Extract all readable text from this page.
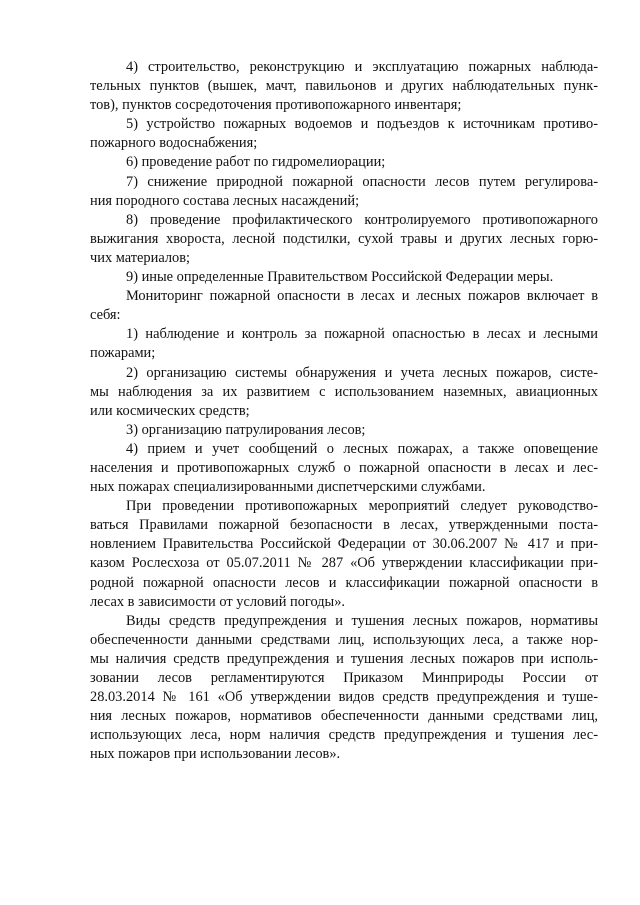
4) строительство, реконструкцию и эксплуатацию пожарных наблюда-
тельных пунктов (вышек, мачт, павильонов и других наблюдательных пунк-
тов), пунктов сосредоточения противопожарного инвентаря;
5) устройство пожарных водоемов и подъездов к источникам противо-
пожарного водоснабжения;
6) проведение работ по гидромелиорации;
7) снижение природной пожарной опасности лесов путем регулирова-
ния породного состава лесных насаждений;
8) проведение профилактического контролируемого противопожарного
выжигания хвороста, лесной подстилки, сухой травы и других лесных горю-
чих материалов;
9) иные определенные Правительством Российской Федерации меры.
Мониторинг пожарной опасности в лесах и лесных пожаров включает в
себя:
1) наблюдение и контроль за пожарной опасностью в лесах и лесными
пожарами;
2) организацию системы обнаружения и учета лесных пожаров, систе-
мы наблюдения за их развитием с использованием наземных, авиационных
или космических средств;
3) организацию патрулирования лесов;
4) прием и учет сообщений о лесных пожарах, а также оповещение
населения и противопожарных служб о пожарной опасности в лесах и лес-
ных пожарах специализированными диспетчерскими службами.
При проведении противопожарных мероприятий следует руководство-
ваться Правилами пожарной безопасности в лесах, утвержденными поста-
новлением Правительства Российской Федерации от 30.06.2007 № 417 и при-
казом Рослесхоза от 05.07.2011 № 287 «Об утверждении классификации при-
родной пожарной опасности лесов и классификации пожарной опасности в
лесах в зависимости от условий погоды».
Виды средств предупреждения и тушения лесных пожаров, нормативы
обеспеченности данными средствами лиц, использующих леса, а также нор-
мы наличия средств предупреждения и тушения лесных пожаров при исполь-
зовании лесов регламентируются Приказом Минприроды России от
28.03.2014 № 161 «Об утверждении видов средств предупреждения и туше-
ния лесных пожаров, нормативов обеспеченности данными средствами лиц,
использующих леса, норм наличия средств предупреждения и тушения лес-
ных пожаров при использовании лесов».
